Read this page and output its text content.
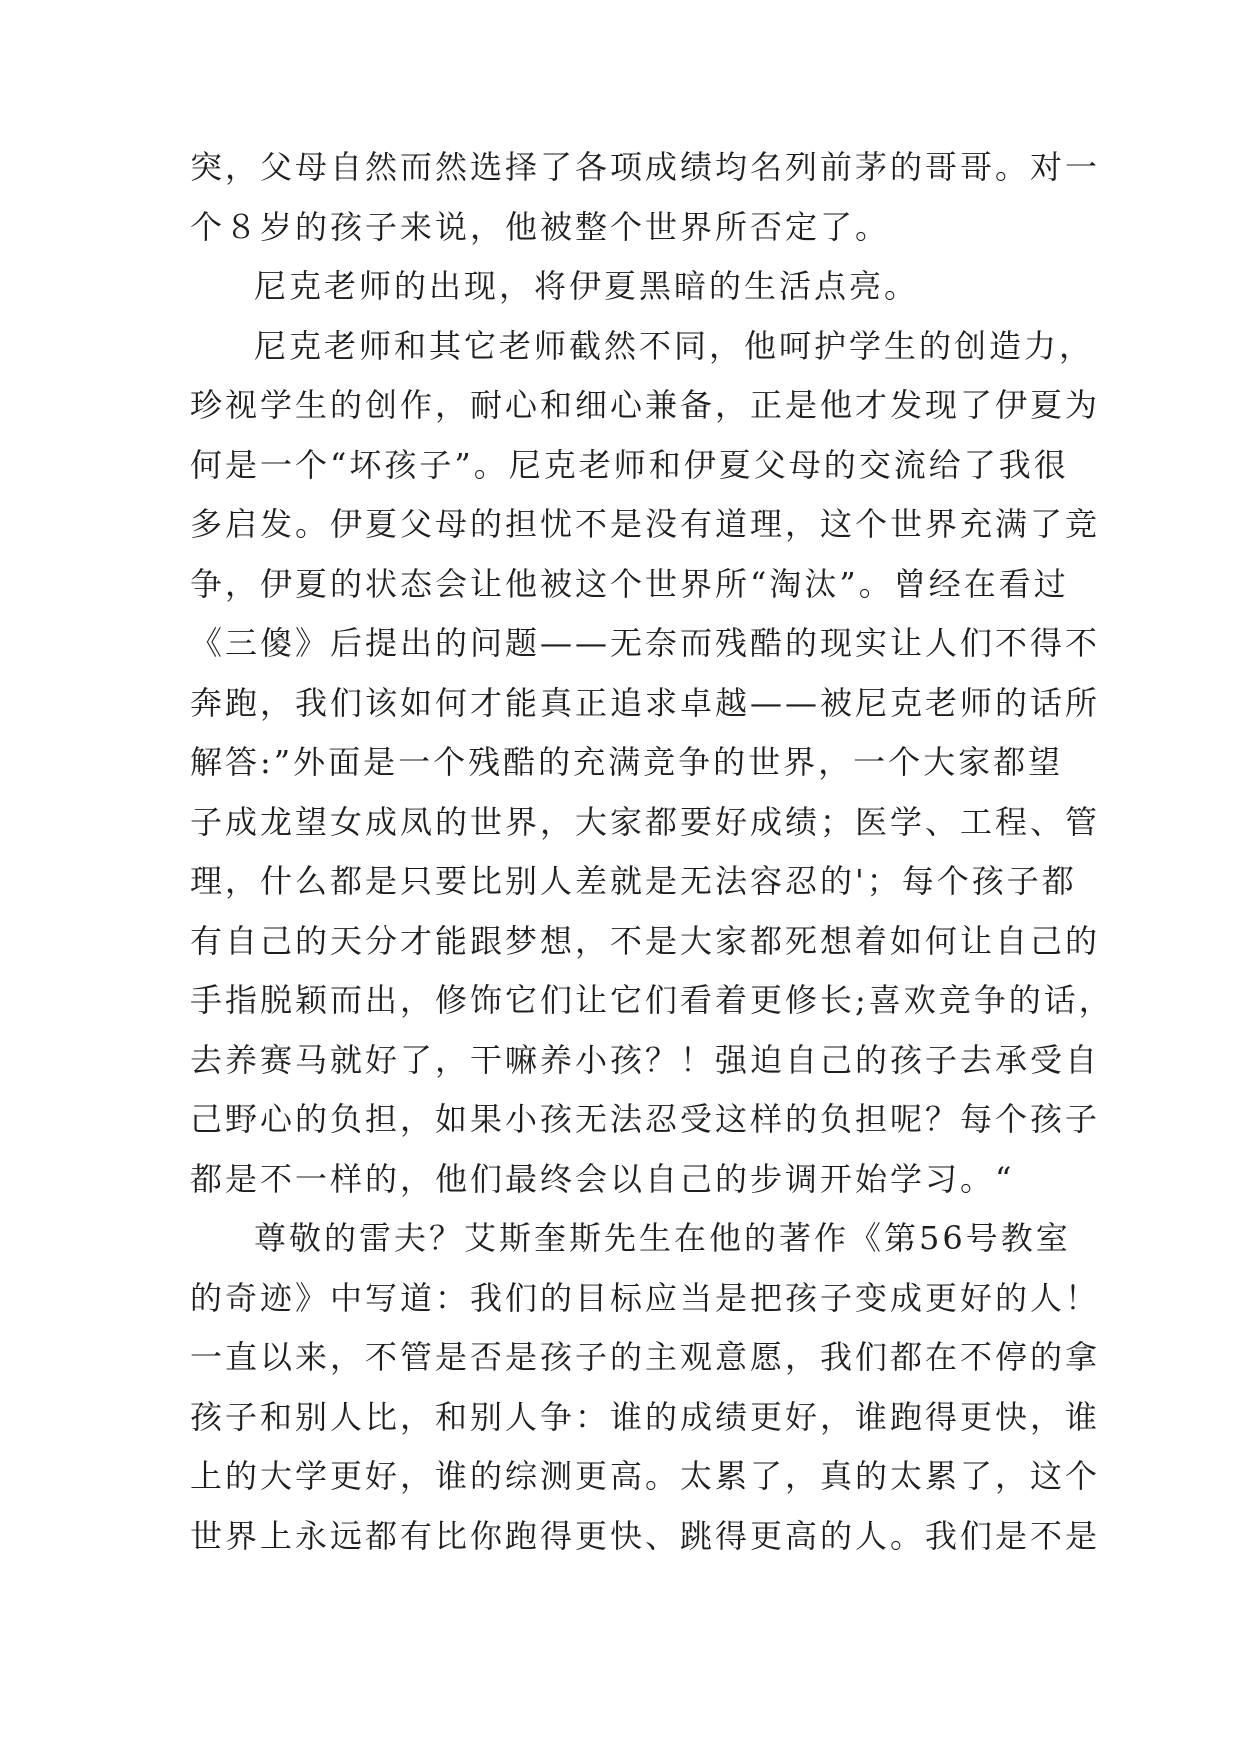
突，父母自然而然选择了各项成绩均名列前茅的哥哥。对一
个８岁的孩子来说，他被整个世界所否定了。
尼克老师的出现，将伊夏黑暗的生活点亮。
尼克老师和其它老师截然不同，他呵护学生的创造力，
珍视学生的创作，耐心和细心兼备，正是他才发现了伊夏为
何是一个“坏孩子”。尼克老师和伊夏父母的交流给了我很
多启发。伊夏父母的担忧不是没有道理，这个世界充满了竞
争，伊夏的状态会让他被这个世界所“淘汰”。曾经在看过
《三傻》后提出的问题——无奈而残酷的现实让人们不得不
奔跑，我们该如何才能真正追求卓越——被尼克老师的话所
解答:”外面是一个残酷的充满竞争的世界，一个大家都望
子成龙望女成凤的世界，大家都要好成绩；医学、工程、管
理，什么都是只要比别人差就是无法容忍的'；每个孩子都
有自己的天分才能跟梦想，不是大家都死想着如何让自己的
手指脱颖而出，修饰它们让它们看着更修长;喜欢竞争的话，
去养赛马就好了，干嘛养小孩？！强迫自己的孩子去承受自
己野心的负担，如果小孩无法忍受这样的负担呢？每个孩子
都是不一样的，他们最终会以自己的步调开始学习。“
尊敬的雷夫？艾斯奎斯先生在他的著作《第56号教室
的奇迹》中写道：我们的目标应当是把孩子变成更好的人！
一直以来，不管是否是孩子的主观意愿，我们都在不停的拿
孩子和别人比，和别人争：谁的成绩更好，谁跑得更快，谁
上的大学更好，谁的综测更高。太累了，真的太累了，这个
世界上永远都有比你跑得更快、跳得更高的人。我们是不是
